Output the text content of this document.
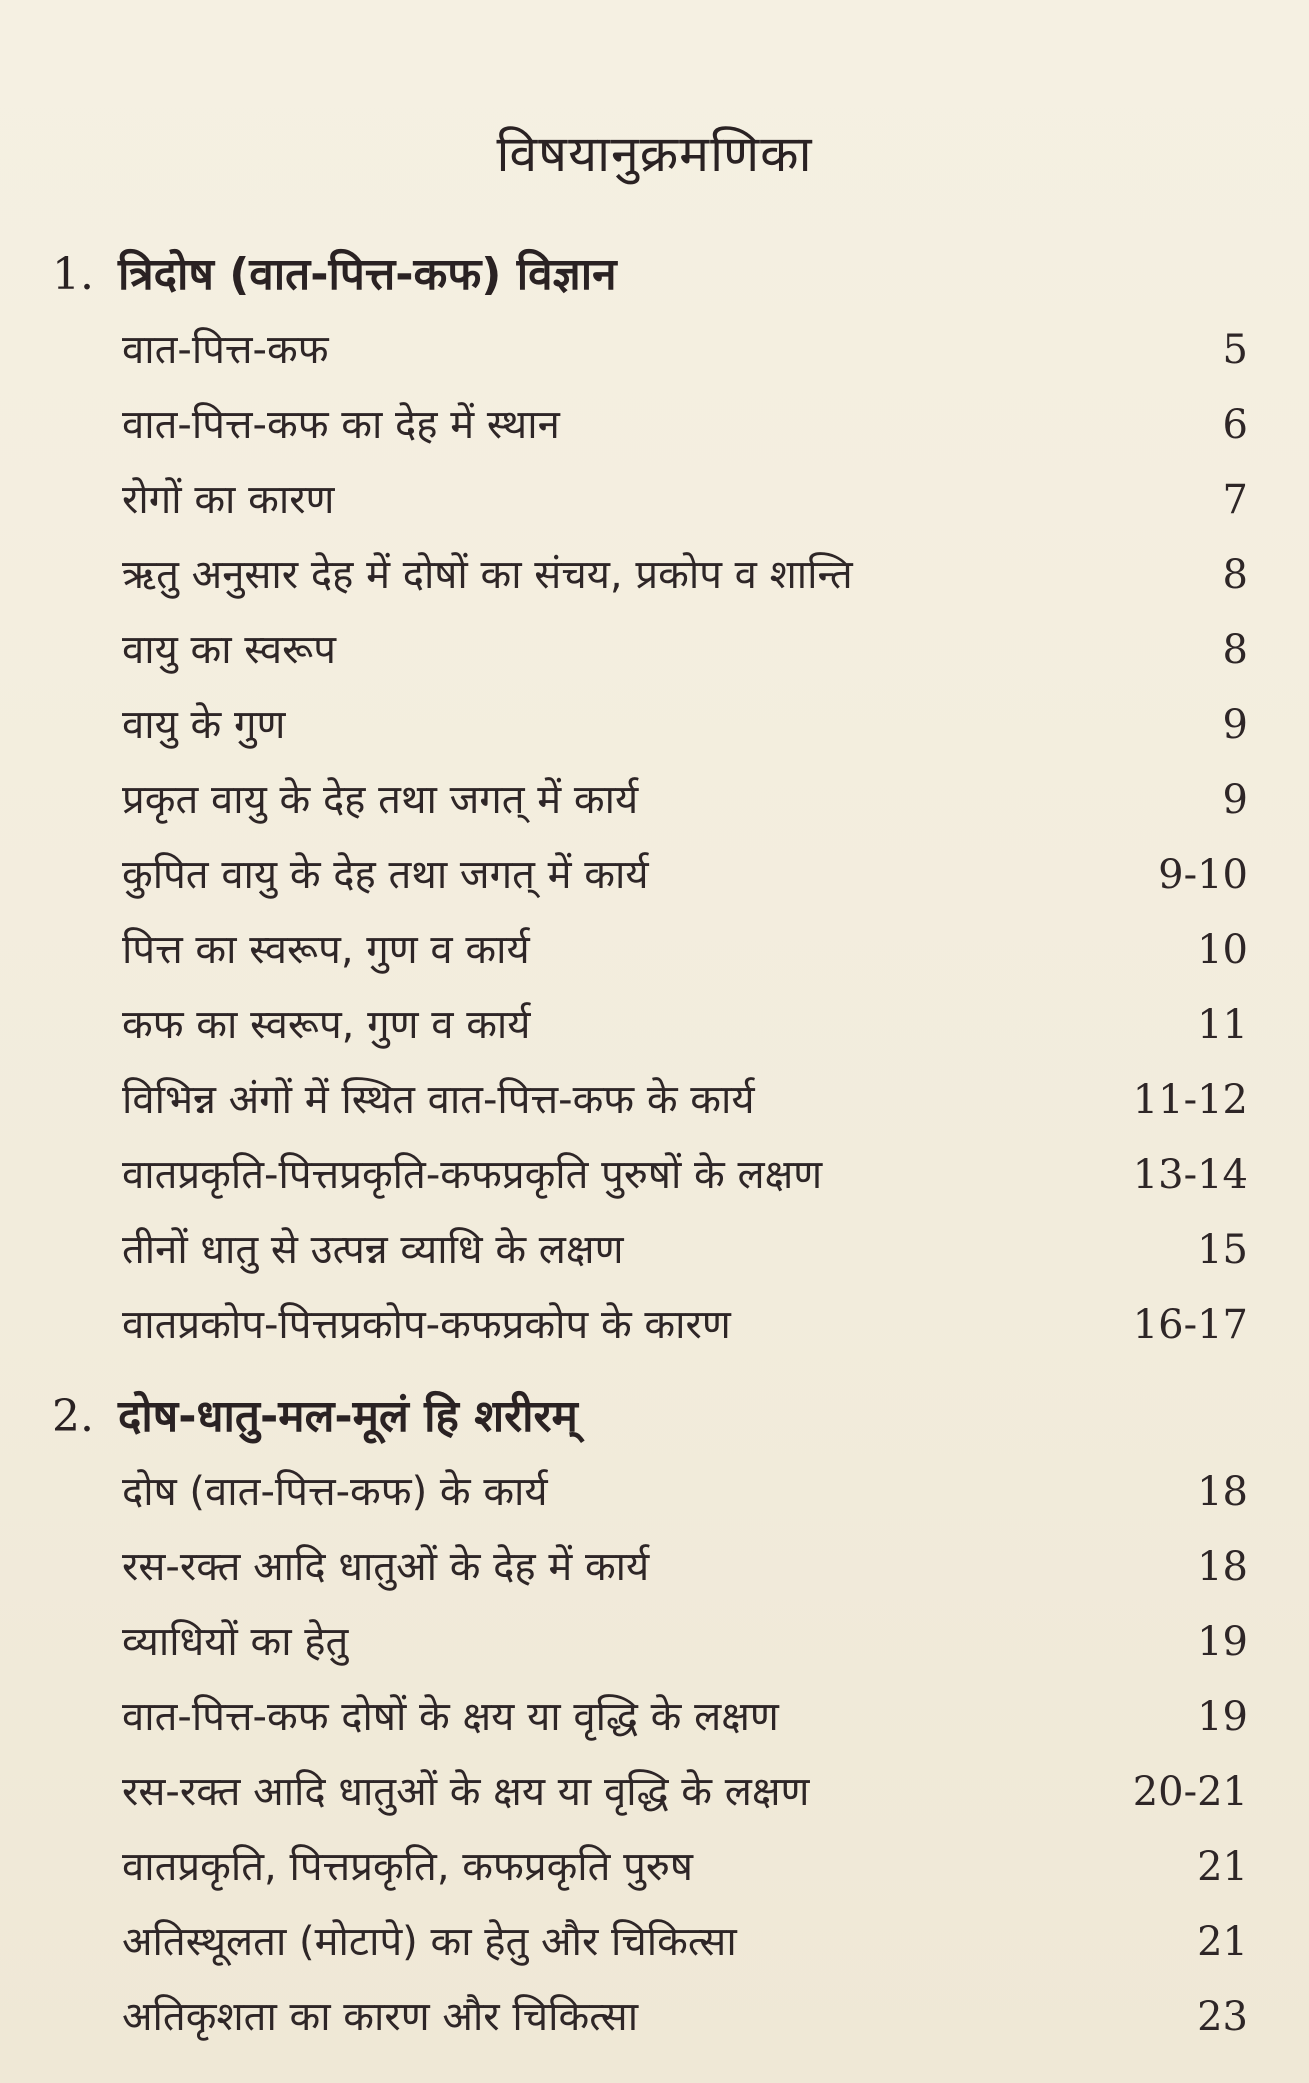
विषयानुक्रमणिका
1. त्रिदोष (वात-पित्त-कफ) विज्ञान
वात-पित्त-कफ	5
वात-पित्त-कफ का देह में स्थान	6
रोगों का कारण	7
ऋतु अनुसार देह में दोषों का संचय, प्रकोप व शान्ति	8
वायु का स्वरूप	8
वायु के गुण	9
प्रकृत वायु के देह तथा जगत् में कार्य	9
कुपित वायु के देह तथा जगत् में कार्य	9-10
पित्त का स्वरूप, गुण व कार्य	10
कफ का स्वरूप, गुण व कार्य	11
विभिन्न अंगों में स्थित वात-पित्त-कफ के कार्य	11-12
वातप्रकृति-पित्तप्रकृति-कफप्रकृति पुरुषों के लक्षण	13-14
तीनों धातु से उत्पन्न व्याधि के लक्षण	15
वातप्रकोप-पित्तप्रकोप-कफप्रकोप के कारण	16-17
2. दोष-धातु-मल-मूलं हि शरीरम्
दोष (वात-पित्त-कफ) के कार्य	18
रस-रक्त आदि धातुओं के देह में कार्य	18
व्याधियों का हेतु	19
वात-पित्त-कफ दोषों के क्षय या वृद्धि के लक्षण	19
रस-रक्त आदि धातुओं के क्षय या वृद्धि के लक्षण	20-21
वातप्रकृति, पित्तप्रकृति, कफप्रकृति पुरुष	21
अतिस्थूलता (मोटापे) का हेतु और चिकित्सा	21
अतिकृशता का कारण और चिकित्सा	23
